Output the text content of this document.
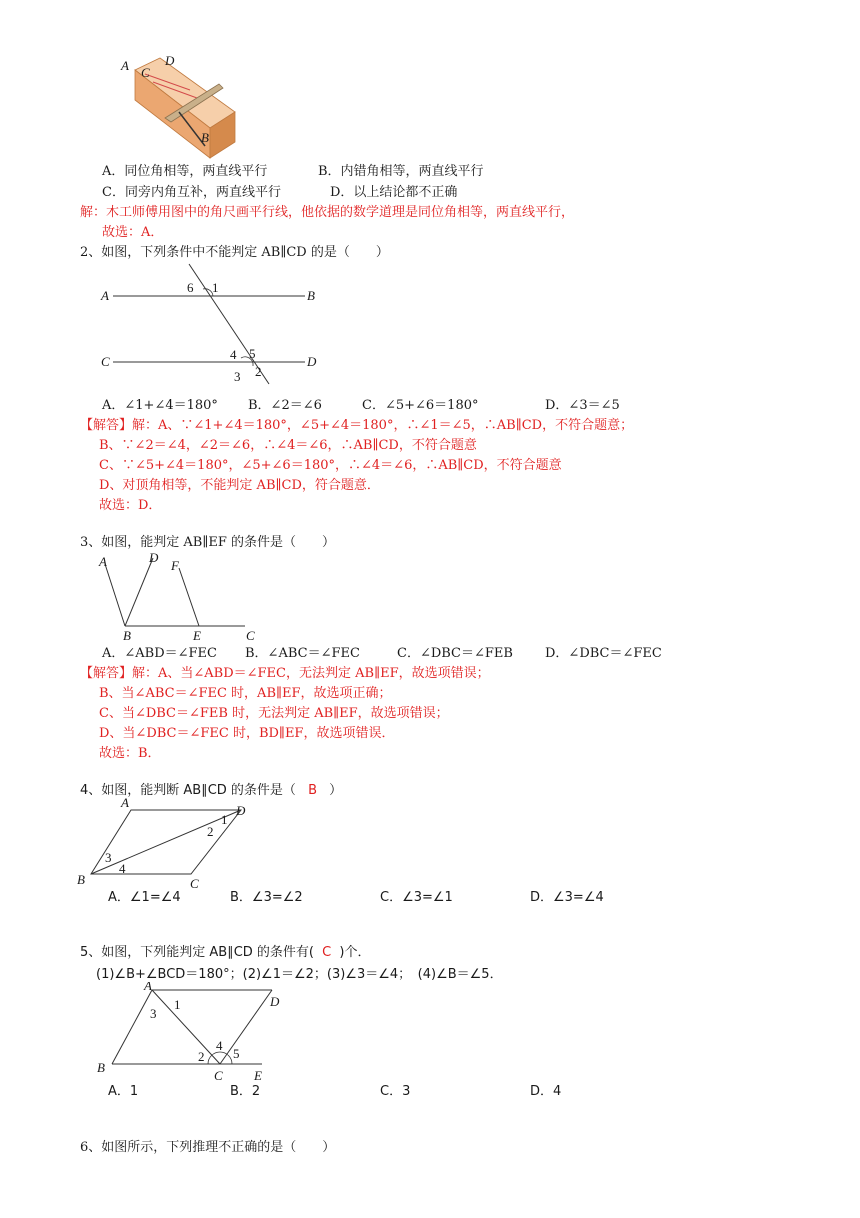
A C
D
B
A．同位角相等，两直线平行	B．内错角相等，两直线平行
C．同旁内角互补，两直线平行	D．以上结论都不正确
解：木工师傅用图中的角尺画平行线，他依据的数学道理是同位角相等，两直线平行，
故选：A．
2、如图，下列条件中不能判定 AB∥CD 的是（　　）
A	B
C	D
1
6
4 5
3 2
A．∠1+∠4＝180° B．∠2＝∠6	C．∠5+∠6＝180°	D．∠3＝∠5
【解答】解：A、∵∠1+∠4＝180°，∠5+∠4＝180°，∴∠1＝∠5，∴AB∥CD，不符合题意；
B、∵∠2＝∠4，∠2＝∠6，∴∠4＝∠6，∴AB∥CD，不符合题意
C、∵∠5+∠4＝180°，∠5+∠6＝180°，∴∠4＝∠6，∴AB∥CD，不符合题意
D、对顶角相等，不能判定 AB∥CD，符合题意．
故选：D．
3、如图，能判定 AB∥EF 的条件是（　　）
A	D
F
B	E	C
A．∠ABD＝∠FEC B．∠ABC＝∠FEC	C．∠DBC＝∠FEB D．∠DBC＝∠FEC
【解答】解：A、当∠ABD＝∠FEC，无法判定 AB∥EF，故选项错误；
B、当∠ABC＝∠FEC 时，AB∥EF，故选项正确；
C、当∠DBC＝∠FEB 时，无法判定 AB∥EF，故选项错误；
D、当∠DBC＝∠FEC 时，BD∥EF，故选项错误．
故选：B．
4、如图，能判断 AB∥CD 的条件是（ B ）
A
D
B	C
1
2
3
4
A．∠1=∠4	B．∠3=∠2	C．∠3=∠1	D．∠3=∠4
5、如图，下列能判定 AB∥CD 的条件有( C )个．
(1)∠B+∠BCD＝180°；(2)∠1＝∠2；(3)∠3＝∠4；　(4)∠B＝∠5．
A
D
B
C E
1
3
2
4
5
A．1	B．2	C．3	D．4
6、如图所示，下列推理不正确的是（　　）
